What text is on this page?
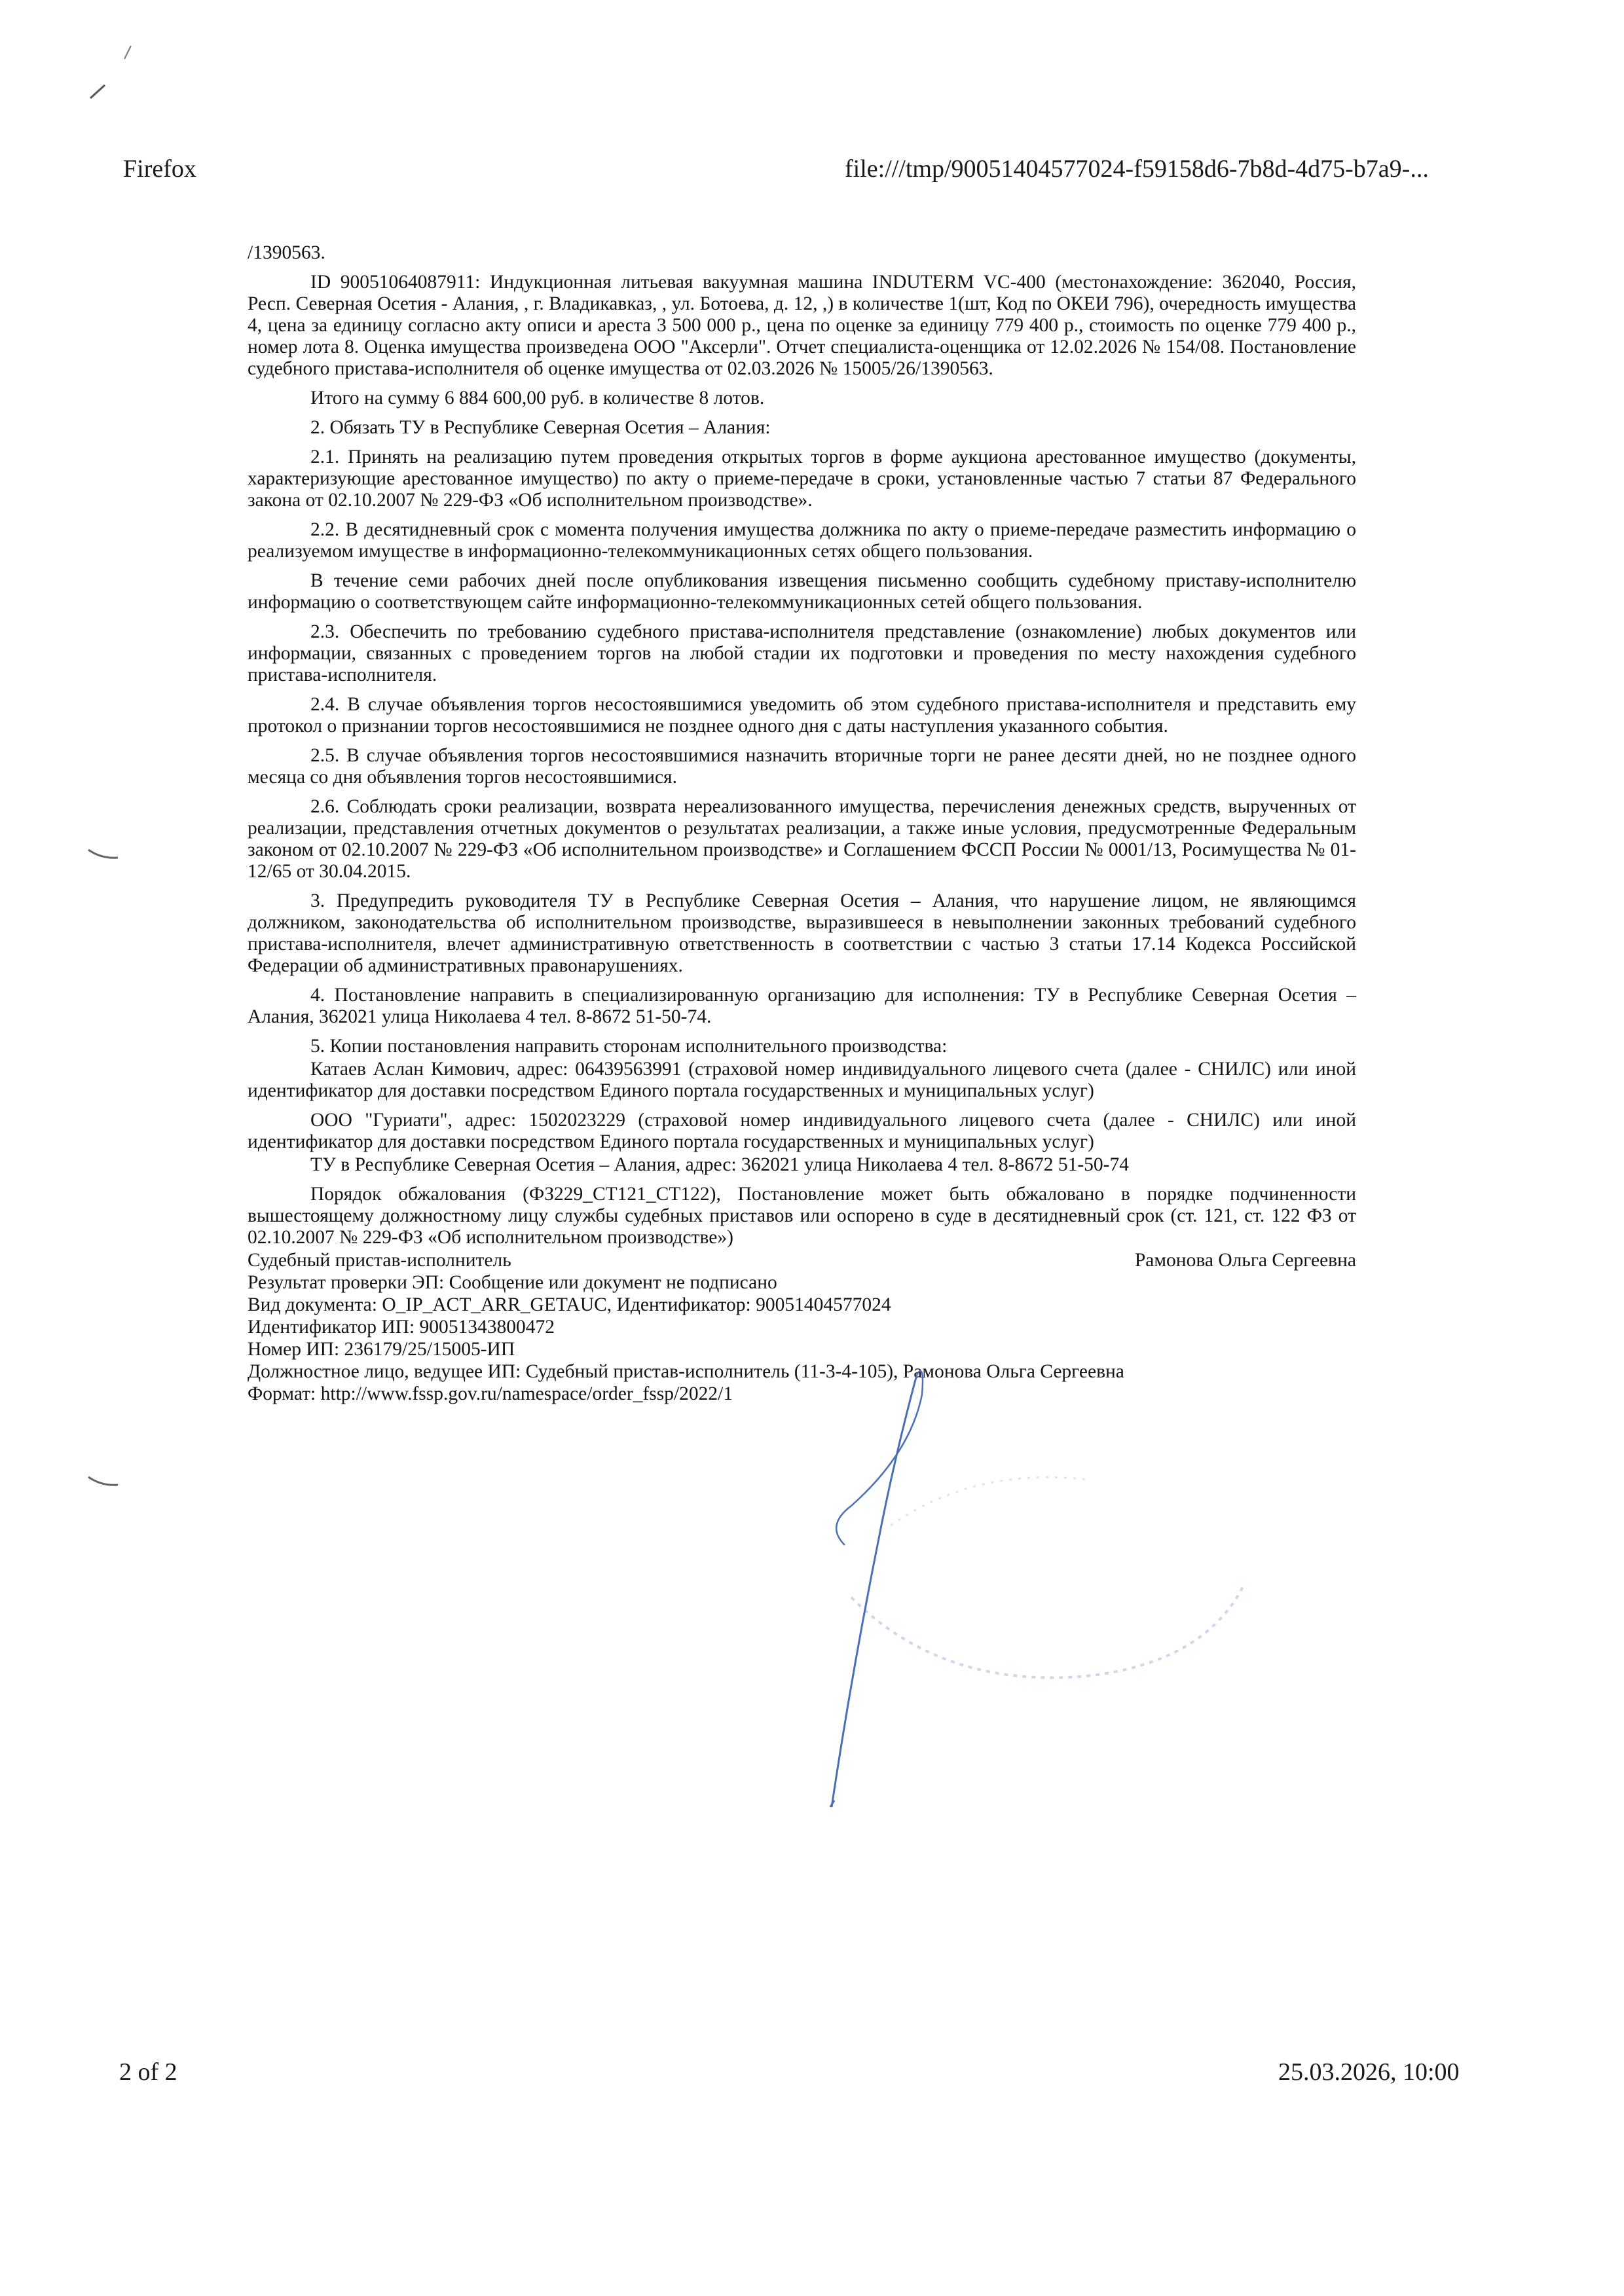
Firefox	file:///tmp/90051404577024-f59158d6-7b8d-4d75-b7a9-...

/1390563.

ID 90051064087911: Индукционная литьевая вакуумная машина INDUTERM VC-400 (местонахождение: 362040, Россия, Респ. Северная Осетия - Алания, , г. Владикавказ, , ул. Ботоева, д. 12, ,) в количестве 1(шт, Код по ОКЕИ 796), очередность имущества 4, цена за единицу согласно акту описи и ареста 3 500 000 р., цена по оценке за единицу 779 400 р., стоимость по оценке 779 400 р., номер лота 8. Оценка имущества произведена ООО "Аксерли". Отчет специалиста-оценщика от 12.02.2026 № 154/08. Постановление судебного пристава-исполнителя об оценке имущества от 02.03.2026 № 15005/26/1390563.

Итого на сумму 6 884 600,00 руб. в количестве 8 лотов.

2. Обязать ТУ в Республике Северная Осетия – Алания:

2.1. Принять на реализацию путем проведения открытых торгов в форме аукциона арестованное имущество (документы, характеризующие арестованное имущество) по акту о приеме-передаче в сроки, установленные частью 7 статьи 87 Федерального закона от 02.10.2007 № 229-ФЗ «Об исполнительном производстве».

2.2. В десятидневный срок с момента получения имущества должника по акту о приеме-передаче разместить информацию о реализуемом имуществе в информационно-телекоммуникационных сетях общего пользования.

В течение семи рабочих дней после опубликования извещения письменно сообщить судебному приставу-исполнителю информацию о соответствующем сайте информационно-телекоммуникационных сетей общего пользования.

2.3. Обеспечить по требованию судебного пристава-исполнителя представление (ознакомление) любых документов или информации, связанных с проведением торгов на любой стадии их подготовки и проведения по месту нахождения судебного пристава-исполнителя.

2.4. В случае объявления торгов несостоявшимися уведомить об этом судебного пристава-исполнителя и представить ему протокол о признании торгов несостоявшимися не позднее одного дня с даты наступления указанного события.

2.5. В случае объявления торгов несостоявшимися назначить вторичные торги не ранее десяти дней, но не позднее одного месяца со дня объявления торгов несостоявшимися.

2.6. Соблюдать сроки реализации, возврата нереализованного имущества, перечисления денежных средств, вырученных от реализации, представления отчетных документов о результатах реализации, а также иные условия, предусмотренные Федеральным законом от 02.10.2007 № 229-ФЗ «Об исполнительном производстве» и Соглашением ФССП России № 0001/13, Росимущества № 01-12/65 от 30.04.2015.

3. Предупредить руководителя ТУ в Республике Северная Осетия – Алания, что нарушение лицом, не являющимся должником, законодательства об исполнительном производстве, выразившееся в невыполнении законных требований судебного пристава-исполнителя, влечет административную ответственность в соответствии с частью 3 статьи 17.14 Кодекса Российской Федерации об административных правонарушениях.

4. Постановление направить в специализированную организацию для исполнения: ТУ в Республике Северная Осетия – Алания, 362021 улица Николаева 4 тел. 8-8672 51-50-74.

5. Копии постановления направить сторонам исполнительного производства:

Катаев Аслан Кимович, адрес: 06439563991 (страховой номер индивидуального лицевого счета (далее - СНИЛС) или иной идентификатор для доставки посредством Единого портала государственных и муниципальных услуг)

ООО "Гуриати", адрес: 1502023229 (страховой номер индивидуального лицевого счета (далее - СНИЛС) или иной идентификатор для доставки посредством Единого портала государственных и муниципальных услуг)

ТУ в Республике Северная Осетия – Алания, адрес: 362021 улица Николаева 4 тел. 8-8672 51-50-74

Порядок обжалования (ФЗ229_СТ121_СТ122), Постановление может быть обжаловано в порядке подчиненности вышестоящему должностному лицу службы судебных приставов или оспорено в суде в десятидневный срок (ст. 121, ст. 122 ФЗ от 02.10.2007 № 229-ФЗ «Об исполнительном производстве»)

Судебный пристав-исполнитель	Рамонова Ольга Сергеевна
Результат проверки ЭП: Сообщение или документ не подписано
Вид документа: O_IP_ACT_ARR_GETAUC, Идентификатор: 90051404577024
Идентификатор ИП: 90051343800472
Номер ИП: 236179/25/15005-ИП
Должностное лицо, ведущее ИП: Судебный пристав-исполнитель (11-3-4-105), Рамонова Ольга Сергеевна
Формат: http://www.fssp.gov.ru/namespace/order_fssp/2022/1
2 of 2	25.03.2026, 10:00
